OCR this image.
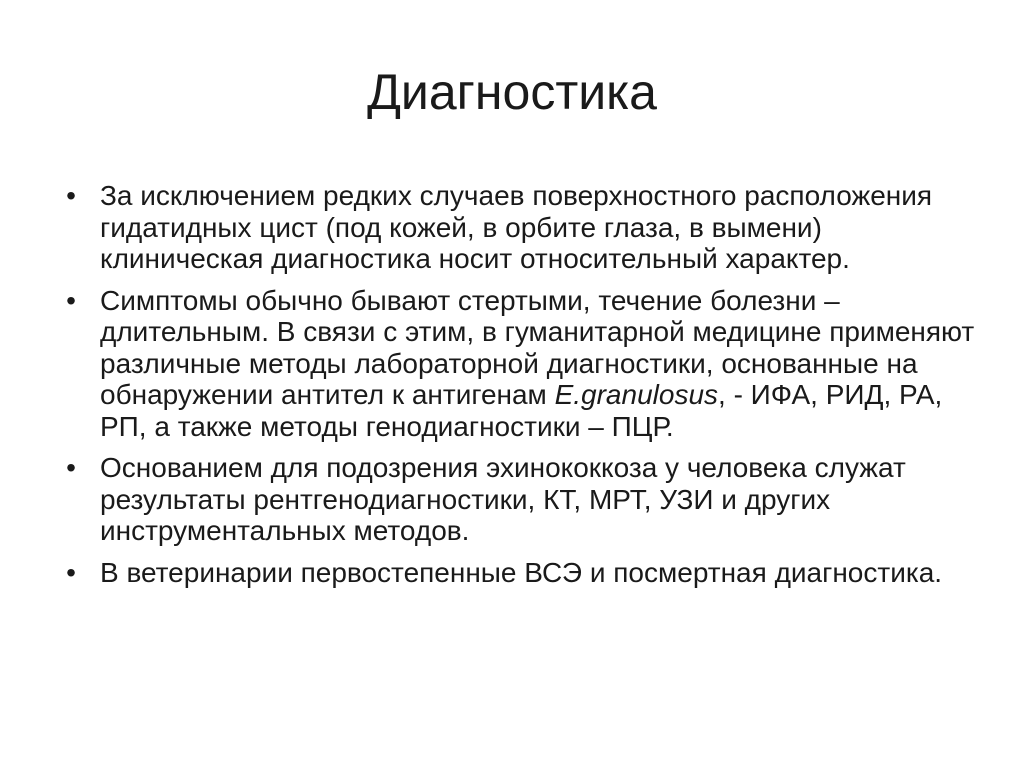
Диагностика
• За исключением редких случаев поверхностного расположения гидатидных цист (под кожей, в орбите глаза, в вымени) клиническая диагностика носит относительный характер.
• Симптомы обычно бывают стертыми, течение болезни – длительным. В связи с этим, в гуманитарной медицине применяют различные методы лабораторной диагностики, основанные на обнаружении антител к антигенам E.granulosus, - ИФА, РИД, РА, РП, а также методы генодиагностики – ПЦР.
• Основанием для подозрения эхинококкоза у человека служат результаты рентгенодиагностики, КТ, МРТ, УЗИ и других инструментальных методов.
• В ветеринарии первостепенные ВСЭ и посмертная диагностика.
